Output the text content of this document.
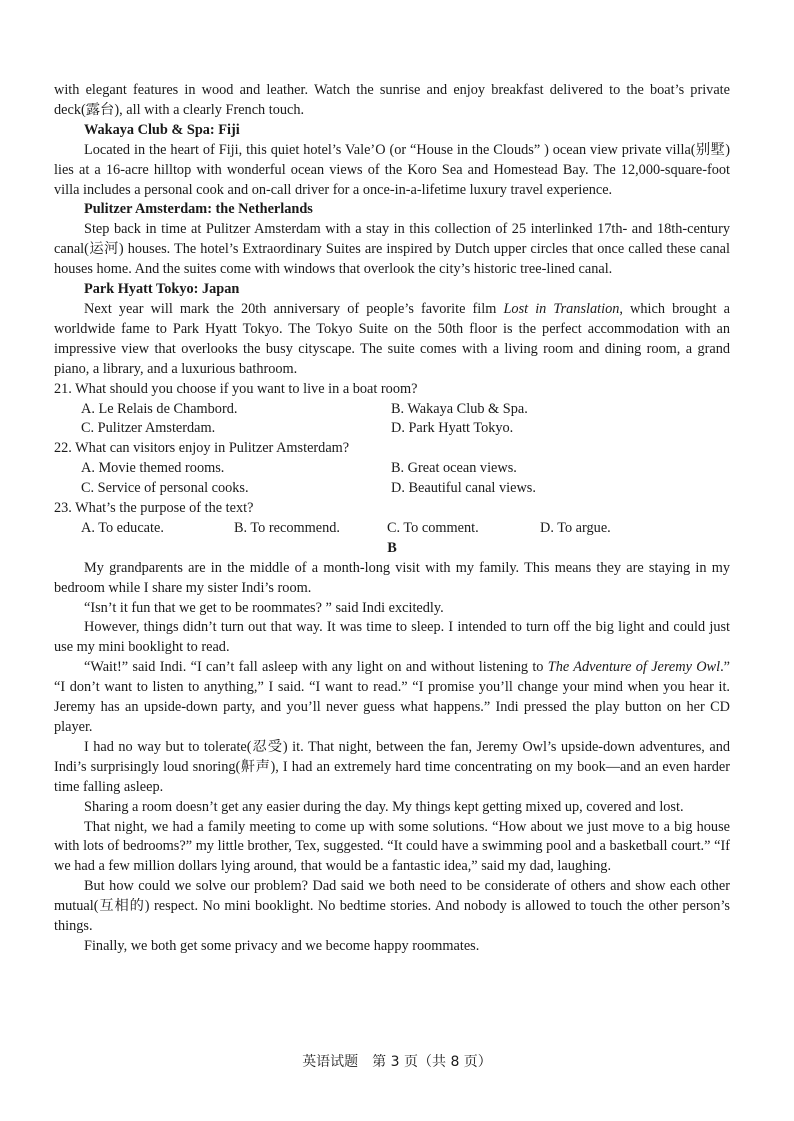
with elegant features in wood and leather. Watch the sunrise and enjoy breakfast delivered to the boat’s private deck(露台), all with a clearly French touch.
Wakaya Club & Spa: Fiji
Located in the heart of Fiji, this quiet hotel’s Vale’O (or “House in the Clouds” ) ocean view private villa(别墅) lies at a 16-acre hilltop with wonderful ocean views of the Koro Sea and Homestead Bay. The 12,000-square-foot villa includes a personal cook and on-call driver for a once-in-a-lifetime luxury travel experience.
Pulitzer Amsterdam: the Netherlands
Step back in time at Pulitzer Amsterdam with a stay in this collection of 25 interlinked 17th- and 18th-century canal(运河) houses. The hotel’s Extraordinary Suites are inspired by Dutch upper circles that once called these canal houses home. And the suites come with windows that overlook the city’s historic tree-lined canal.
Park Hyatt Tokyo: Japan
Next year will mark the 20th anniversary of people’s favorite film Lost in Translation, which brought a worldwide fame to Park Hyatt Tokyo. The Tokyo Suite on the 50th floor is the perfect accommodation with an impressive view that overlooks the busy cityscape. The suite comes with a living room and dining room, a grand piano, a library, and a luxurious bathroom.
21. What should you choose if you want to live in a boat room?
A. Le Relais de Chambord.	B. Wakaya Club & Spa.
C. Pulitzer Amsterdam.	D. Park Hyatt Tokyo.
22. What can visitors enjoy in Pulitzer Amsterdam?
A. Movie themed rooms.	B. Great ocean views.
C. Service of personal cooks.	D. Beautiful canal views.
23. What’s the purpose of the text?
A. To educate.	B. To recommend.	C. To comment.	D. To argue.
B
My grandparents are in the middle of a month-long visit with my family. This means they are staying in my bedroom while I share my sister Indi’s room.
“Isn’t it fun that we get to be roommates? ” said Indi excitedly.
However, things didn’t turn out that way. It was time to sleep. I intended to turn off the big light and could just use my mini booklight to read.
“Wait!” said Indi. “I can’t fall asleep with any light on and without listening to The Adventure of Jeremy Owl.” “I don’t want to listen to anything,” I said. “I want to read.” “I promise you’ll change your mind when you hear it. Jeremy has an upside-down party, and you’ll never guess what happens.” Indi pressed the play button on her CD player.
I had no way but to tolerate(忍受) it. That night, between the fan, Jeremy Owl’s upside-down adventures, and Indi’s surprisingly loud snoring(鼾声), I had an extremely hard time concentrating on my book—and an even harder time falling asleep.
Sharing a room doesn’t get any easier during the day. My things kept getting mixed up, covered and lost.
That night, we had a family meeting to come up with some solutions. “How about we just move to a big house with lots of bedrooms?” my little brother, Tex, suggested. “It could have a swimming pool and a basketball court.” “If we had a few million dollars lying around, that would be a fantastic idea,” said my dad, laughing.
But how could we solve our problem? Dad said we both need to be considerate of others and show each other mutual(互相的) respect. No mini booklight. No bedtime stories. And nobody is allowed to touch the other person’s things.
Finally, we both get some privacy and we become happy roommates.
英语试题　第 3 页（共 8 页）
